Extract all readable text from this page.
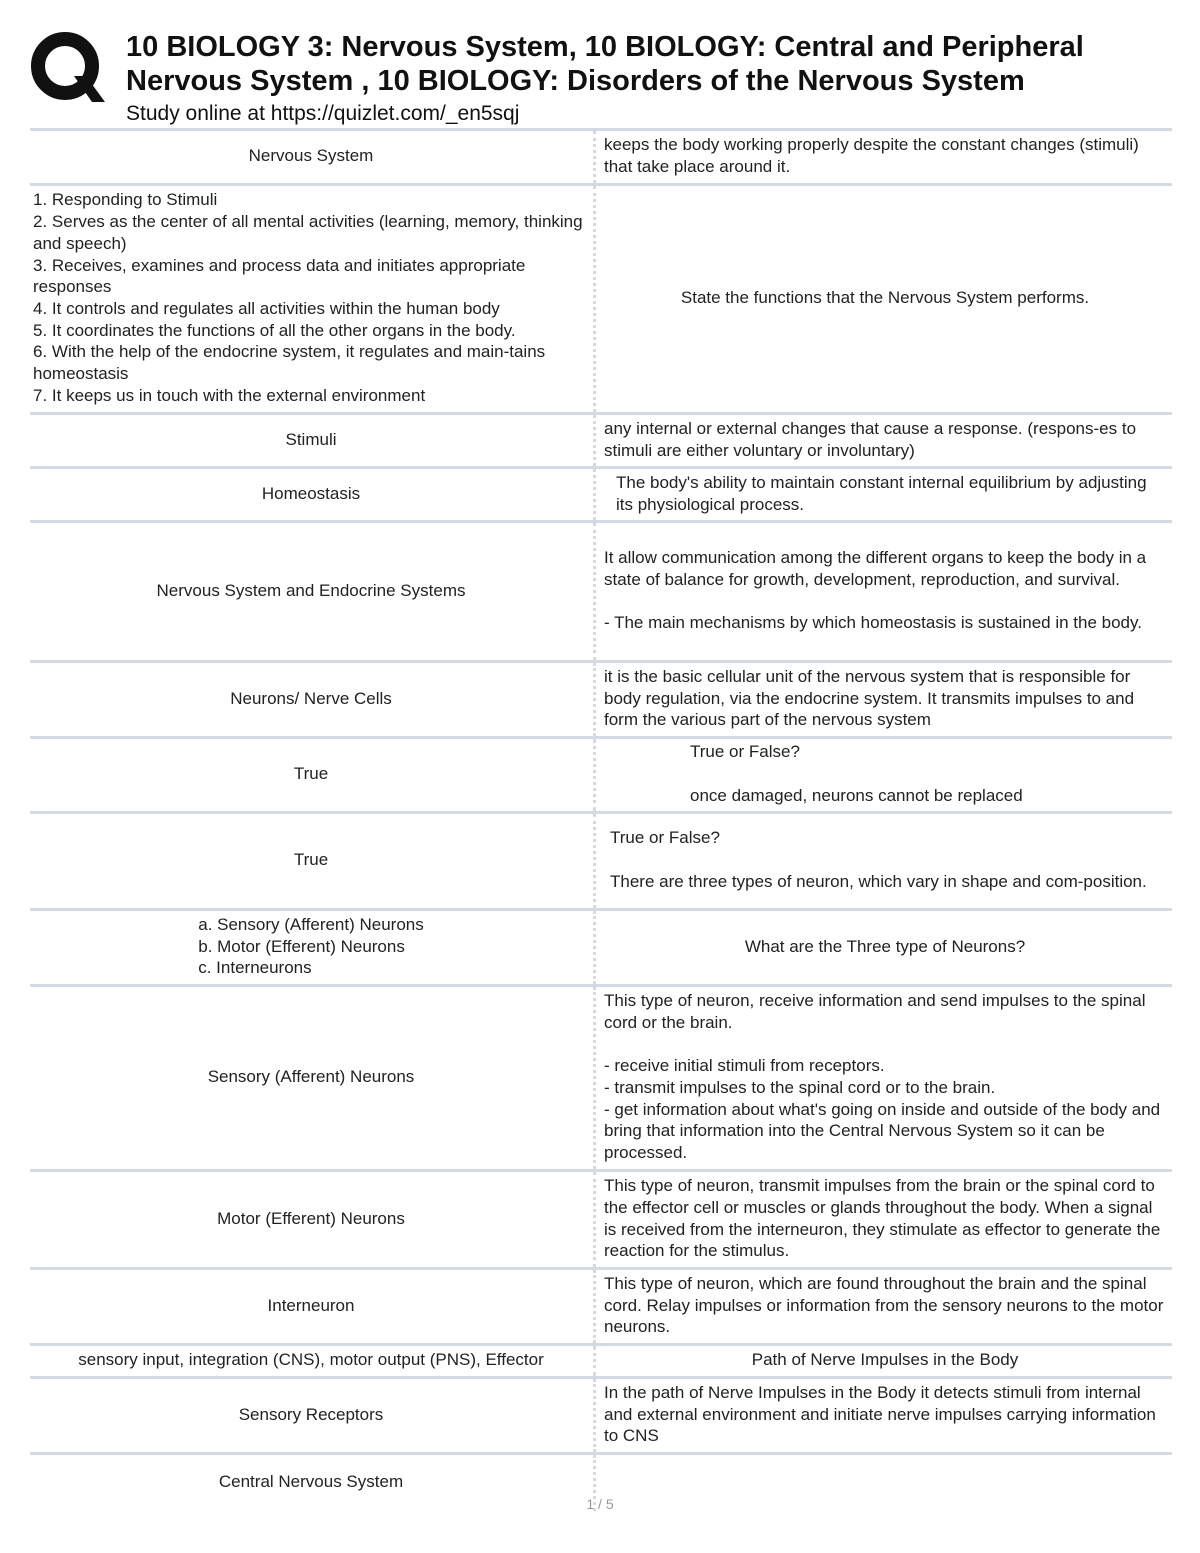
10 BIOLOGY 3: Nervous System, 10 BIOLOGY: Central and Peripheral Nervous System , 10 BIOLOGY: Disorders of the Nervous System
Study online at https://quizlet.com/_en5sqj
Nervous System
keeps the body working properly despite the constant changes (stimuli) that take place around it.
1. Responding to Stimuli
2. Serves as the center of all mental activities (learning, memory, thinking and speech)
3. Receives, examines and process data and initiates appropriate responses
4. It controls and regulates all activities within the human body
5. It coordinates the functions of all the other organs in the body.
6. With the help of the endocrine system, it regulates and main-tains homeostasis
7. It keeps us in touch with the external environment
State the functions that the Nervous System performs.
Stimuli
any internal or external changes that cause a response. (respons-es to stimuli are either voluntary or involuntary)
Homeostasis
The body's ability to maintain constant internal equilibrium by adjusting its physiological process.
Nervous System and Endocrine Systems
It allow communication among the different organs to keep the body in a state of balance for growth, development, reproduction, and survival.

- The main mechanisms by which homeostasis is sustained in the body.
Neurons/ Nerve Cells
it is the basic cellular unit of the nervous system that is responsible for body regulation, via the endocrine system. It transmits impulses to and form the various part of the nervous system
True
True or False?

once damaged, neurons cannot be replaced
True
True or False?

There are three types of neuron, which vary in shape and com-position.
a. Sensory (Afferent) Neurons
b. Motor (Efferent) Neurons
c. Interneurons
What are the Three type of Neurons?
Sensory (Afferent) Neurons
This type of neuron, receive information and send impulses to the spinal cord or the brain.

- receive initial stimuli from receptors.
- transmit impulses to the spinal cord or to the brain.
- get information about what's going on inside and outside of the body and bring that information into the Central Nervous System so it can be processed.
Motor (Efferent) Neurons
This type of neuron, transmit impulses from the brain or the spinal cord to the effector cell or muscles or glands throughout the body. When a signal is received from the interneuron, they stimulate as effector to generate the reaction for the stimulus.
Interneuron
This type of neuron, which are found throughout the brain and the spinal cord. Relay impulses or information from the sensory neurons to the motor neurons.
sensory input, integration (CNS), motor output (PNS), Effector	Path of Nerve Impulses in the Body
Sensory Receptors
In the path of Nerve Impulses in the Body it detects stimuli from internal and external environment and initiate nerve impulses carrying information to CNS
Central Nervous System
1 / 5
